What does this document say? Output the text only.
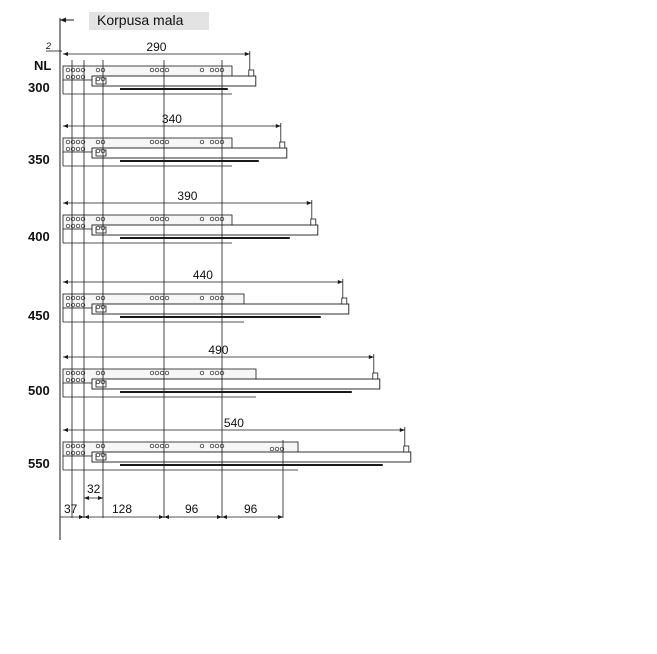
Korpusa mala
2
NL
300
290
350
340
400
390
450
440
500
490
550
540
32
37	128	96	96
